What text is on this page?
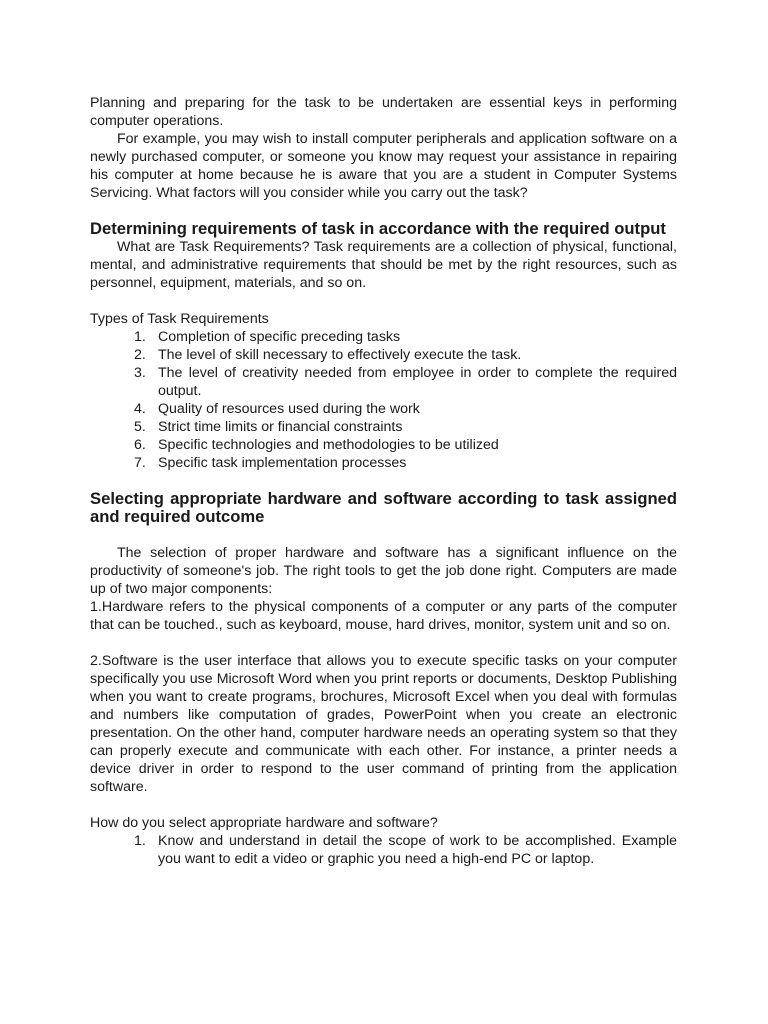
Planning and preparing for the task to be undertaken are essential keys in performing computer operations.

For example, you may wish to install computer peripherals and application software on a newly purchased computer, or someone you know may request your assistance in repairing his computer at home because he is aware that you are a student in Computer Systems Servicing. What factors will you consider while you carry out the task?

Determining requirements of task in accordance with the required output

What are Task Requirements? Task requirements are a collection of physical, functional, mental, and administrative requirements that should be met by the right resources, such as personnel, equipment, materials, and so on.

Types of Task Requirements

1. Completion of specific preceding tasks
2. The level of skill necessary to effectively execute the task.
3. The level of creativity needed from employee in order to complete the required output.
4. Quality of resources used during the work
5. Strict time limits or financial constraints
6. Specific technologies and methodologies to be utilized
7. Specific task implementation processes
Selecting appropriate hardware and software according to task assigned and required outcome

The selection of proper hardware and software has a significant influence on the productivity of someone's job. The right tools to get the job done right. Computers are made up of two major components:

1.Hardware refers to the physical components of a computer or any parts of the computer that can be touched., such as keyboard, mouse, hard drives, monitor, system unit and so on.

2.Software is the user interface that allows you to execute specific tasks on your computer specifically you use Microsoft Word when you print reports or documents, Desktop Publishing when you want to create programs, brochures, Microsoft Excel when you deal with formulas and numbers like computation of grades, PowerPoint when you create an electronic presentation. On the other hand, computer hardware needs an operating system so that they can properly execute and communicate with each other. For instance, a printer needs a device driver in order to respond to the user command of printing from the application software.

How do you select appropriate hardware and software?

1. Know and understand in detail the scope of work to be accomplished. Example you want to edit a video or graphic you need a high-end PC or laptop.
